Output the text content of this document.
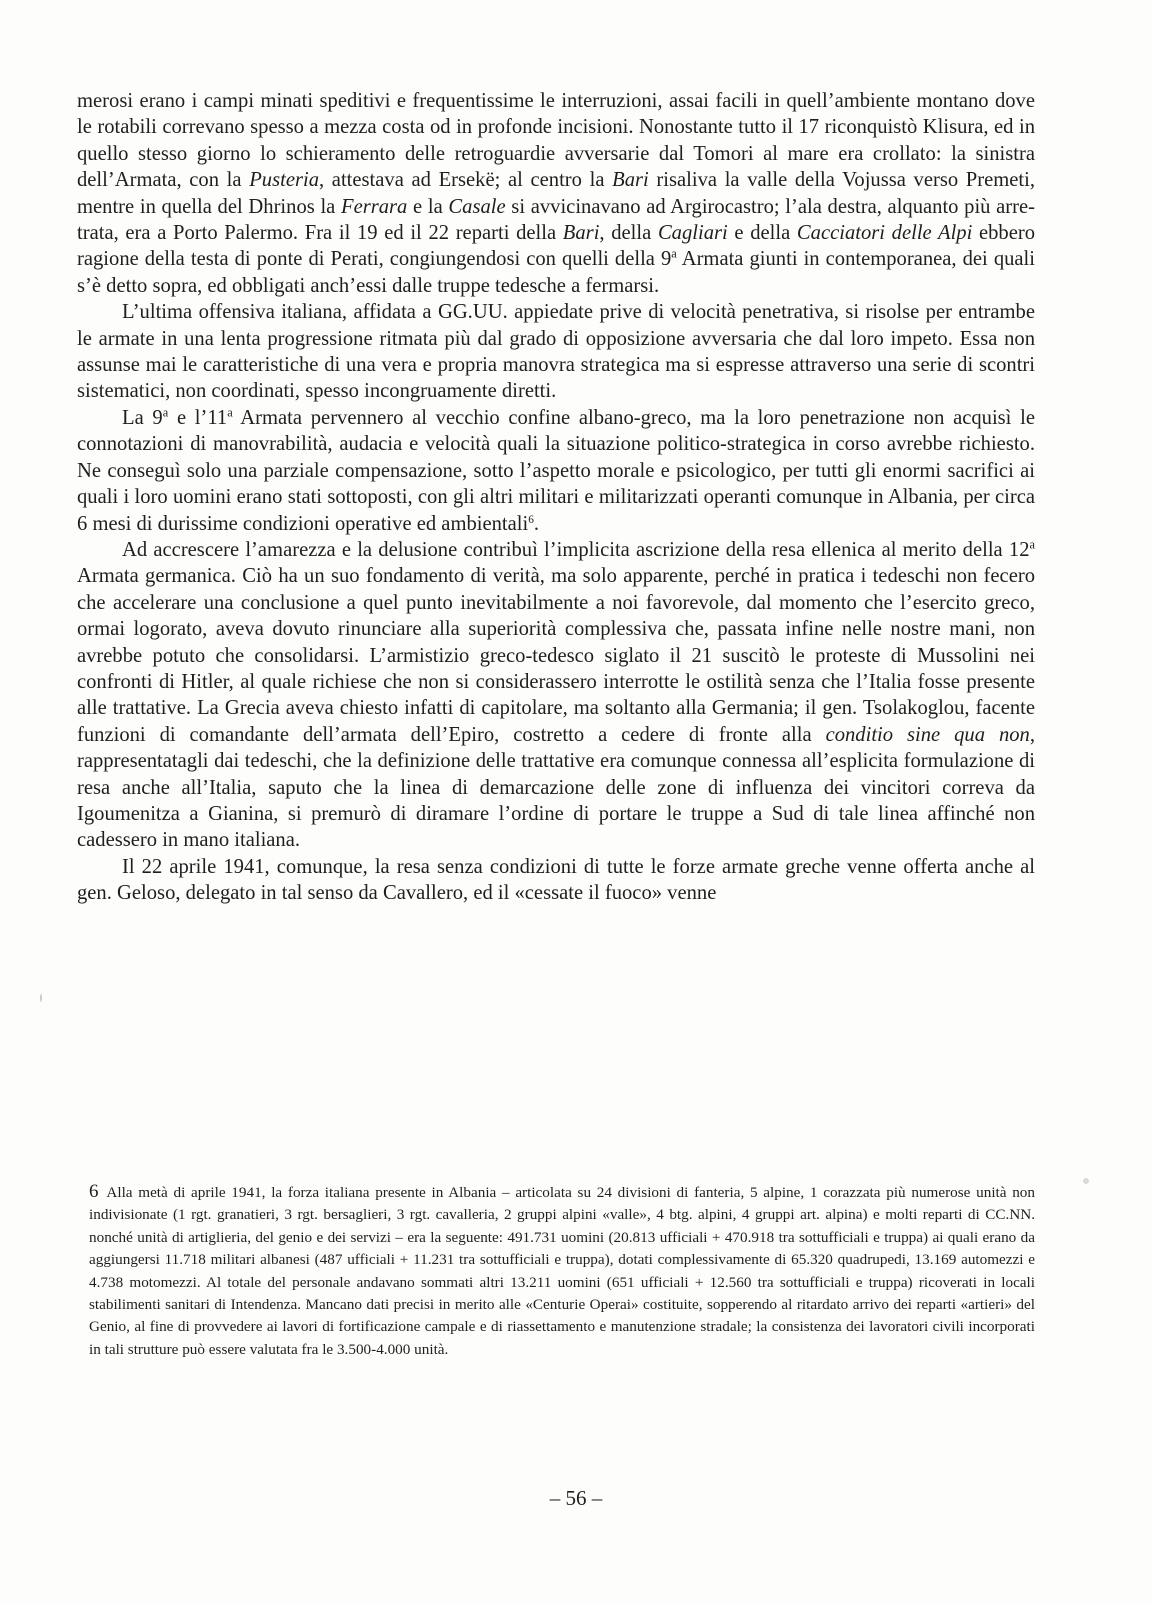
merosi erano i campi minati speditivi e frequentissime le interruzioni, assai facili in quell’ambiente montano dove le rotabili correvano spesso a mezza costa od in profonde incisioni. Nonostante tutto il 17 riconquistò Klisura, ed in quello stesso giorno lo schieramento delle retroguardie avversarie dal Tomori al mare era crollato: la sinistra dell’Armata, con la Pusteria, attestava ad Ersekë; al centro la Bari risaliva la valle della Vojussa verso Premeti, mentre in quella del Dhrinos la Ferrara e la Casale si avvicinavano ad Argirocastro; l’ala destra, alquanto più arretrata, era a Porto Palermo. Fra il 19 ed il 22 reparti della Bari, della Cagliari e della Cacciatori delle Alpi ebbero ragione della testa di ponte di Perati, congiungendosi con quelli della 9$^a$ Armata giunti in contemporanea, dei quali s’è detto sopra, ed obbligati anch’essi dalle truppe tedesche a fermarsi.

L’ultima offensiva italiana, affidata a GG.UU. appiedate prive di velocità penetrativa, si risolse per entrambe le armate in una lenta progressione ritmata più dal grado di opposizione avversaria che dal loro impeto. Essa non assunse mai le caratteristiche di una vera e propria manovra strategica ma si espresse attraverso una serie di scontri sistematici, non coordinati, spesso incongruamente diretti.

La 9$^a$ e l’11$^a$ Armata pervennero al vecchio confine albano-greco, ma la loro penetrazione non acquisì le connotazioni di manovrabilità, audacia e velocità quali la situazione politico-strategica in corso avrebbe richiesto. Ne conseguì solo una parziale compensazione, sotto l’aspetto morale e psicologico, per tutti gli enormi sacrifici ai quali i loro uomini erano stati sottoposti, con gli altri militari e militarizzati operanti comunque in Albania, per circa 6 mesi di durissime condizioni operative ed ambientali$^6$.

Ad accrescere l’amarezza e la delusione contribuì l’implicita ascrizione della resa ellenica al merito della 12$^a$ Armata germanica. Ciò ha un suo fondamento di verità, ma solo apparente, perché in pratica i tedeschi non fecero che accelerare una conclusione a quel punto inevitabilmente a noi favorevole, dal momento che l’esercito greco, ormai logorato, aveva dovuto rinunciare alla superiorità complessiva che, passata infine nelle nostre mani, non avrebbe potuto che consolidarsi. L’armistizio greco-tedesco siglato il 21 suscitò le proteste di Mussolini nei confronti di Hitler, al quale richiese che non si considerassero interrotte le ostilità senza che l’Italia fosse presente alle trattative. La Grecia aveva chiesto infatti di capitolare, ma soltanto alla Germania; il gen. Tsolakoglou, facente funzioni di comandante dell’armata dell’Epiro, costretto a cedere di fronte alla conditio sine qua non, rappresentatagli dai tedeschi, che la definizione delle trattative era comunque connessa all’esplicita formulazione di resa anche all’Italia, saputo che la linea di demarcazione delle zone di influenza dei vincitori correva da Igoumenitza a Gianina, si premurò di diramare l’ordine di portare le truppe a Sud di tale linea affinché non cadessero in mano italiana.

Il 22 aprile 1941, comunque, la resa senza condizioni di tutte le forze armate greche venne offerta anche al gen. Geloso, delegato in tal senso da Cavallero, ed il «cessate il fuoco» venne

6 Alla metà di aprile 1941, la forza italiana presente in Albania – articolata su 24 divisioni di fanteria, 5 alpine, 1 corazzata più numerose unità non indivisionate (1 rgt. granatieri, 3 rgt. bersaglieri, 3 rgt. cavalleria, 2 gruppi alpini «valle», 4 btg. alpini, 4 gruppi art. alpina) e molti reparti di CC.NN. nonché unità di artiglieria, del genio e dei servizi – era la seguente: 491.731 uomini (20.813 ufficiali + 470.918 tra sottufficiali e truppa) ai quali erano da aggiungersi 11.718 militari albanesi (487 ufficiali + 11.231 tra sottufficiali e truppa), dotati complessivamente di 65.320 quadrupedi, 13.169 automezzi e 4.738 motomezzi. Al totale del personale andavano sommati altri 13.211 uomini (651 ufficiali + 12.560 tra sottufficiali e truppa) ricoverati in locali stabilimenti sanitari di Intendenza. Mancano dati precisi in merito alle «Centurie Operai» costituite, sopperendo al ritardato arrivo dei reparti «artieri» del Genio, al fine di provvedere ai lavori di fortificazione campale e di riassettamento e manutenzione stradale; la consistenza dei lavoratori civili incorporati in tali strutture può essere valutata fra le 3.500-4.000 unità.

– 56 –
